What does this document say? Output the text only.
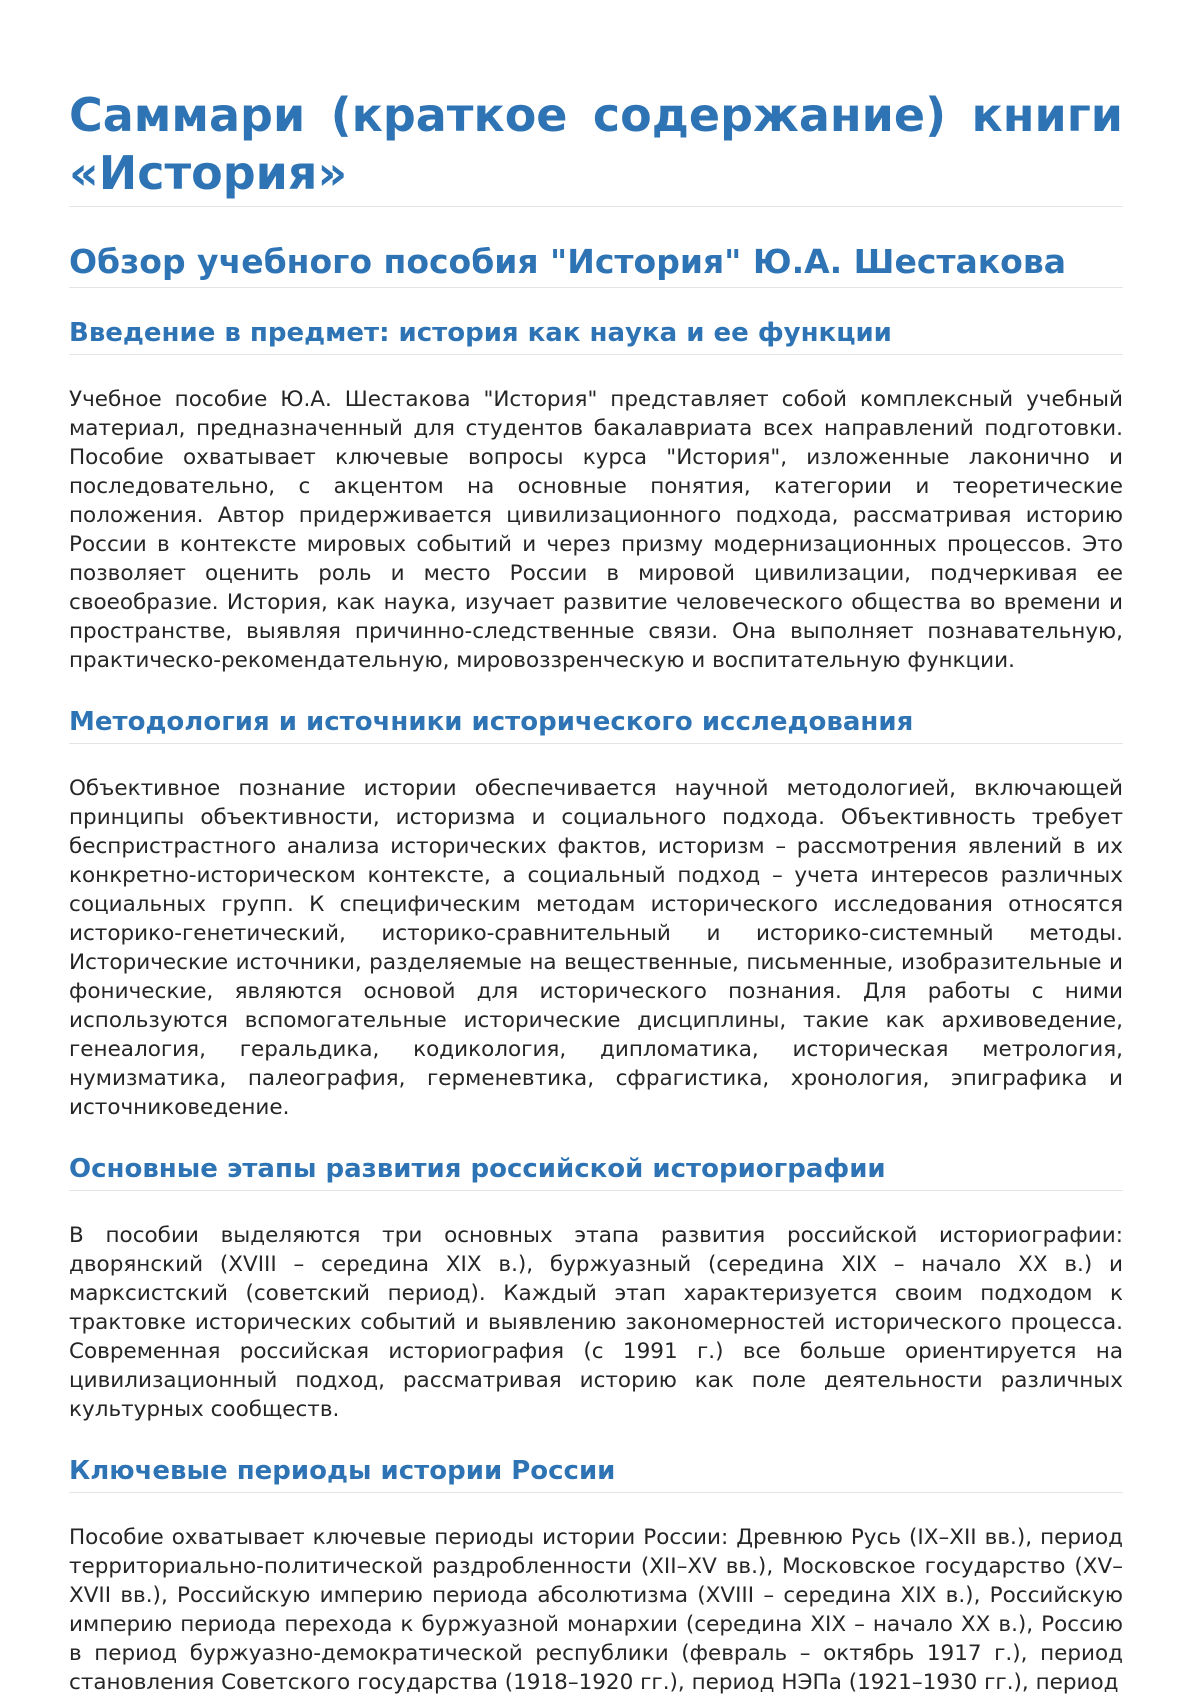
Саммари (краткое содержание) книги «История»
Обзор учебного пособия "История" Ю.А. Шестакова
Введение в предмет: история как наука и ее функции

Учебное пособие Ю.А. Шестакова "История" представляет собой комплексный учебный материал, предназначенный для студентов бакалавриата всех направлений подготовки. Пособие охватывает ключевые вопросы курса "История", изложенные лаконично и последовательно, с акцентом на основные понятия, категории и теоретические положения. Автор придерживается цивилизационного подхода, рассматривая историю России в контексте мировых событий и через призму модернизационных процессов. Это позволяет оценить роль и место России в мировой цивилизации, подчеркивая ее своеобразие. История, как наука, изучает развитие человеческого общества во времени и пространстве, выявляя причинно-следственные связи. Она выполняет познавательную, практическо-рекомендательную, мировоззренческую и воспитательную функции.

Методология и источники исторического исследования

Объективное познание истории обеспечивается научной методологией, включающей принципы объективности, историзма и социального подхода. Объективность требует беспристрастного анализа исторических фактов, историзм – рассмотрения явлений в их конкретно-историческом контексте, а социальный подход – учета интересов различных социальных групп. К специфическим методам исторического исследования относятся историко-генетический, историко-сравнительный и историко-системный методы. Исторические источники, разделяемые на вещественные, письменные, изобразительные и фонические, являются основой для исторического познания. Для работы с ними используются вспомогательные исторические дисциплины, такие как архивоведение, генеалогия, геральдика, кодикология, дипломатика, историческая метрология, нумизматика, палеография, герменевтика, сфрагистика, хронология, эпиграфика и источниковедение.

Основные этапы развития российской историографии

В пособии выделяются три основных этапа развития российской историографии: дворянский (XVIII – середина XIX в.), буржуазный (середина XIX – начало XX в.) и марксистский (советский период). Каждый этап характеризуется своим подходом к трактовке исторических событий и выявлению закономерностей исторического процесса. Современная российская историография (с 1991 г.) все больше ориентируется на цивилизационный подход, рассматривая историю как поле деятельности различных культурных сообществ.

Ключевые периоды истории России

Пособие охватывает ключевые периоды истории России: Древнюю Русь (IX–XII вв.), период территориально-политической раздробленности (XII–XV вв.), Московское государство (XV–XVII вв.), Российскую империю периода абсолютизма (XVIII – середина XIX в.), Российскую империю периода перехода к буржуазной монархии (середина XIX – начало XX в.), Россию в период буржуазно-демократической республики (февраль – октябрь 1917 г.), период становления Советского государства (1918–1920 гг.), период НЭПа (1921–1930 гг.), период
